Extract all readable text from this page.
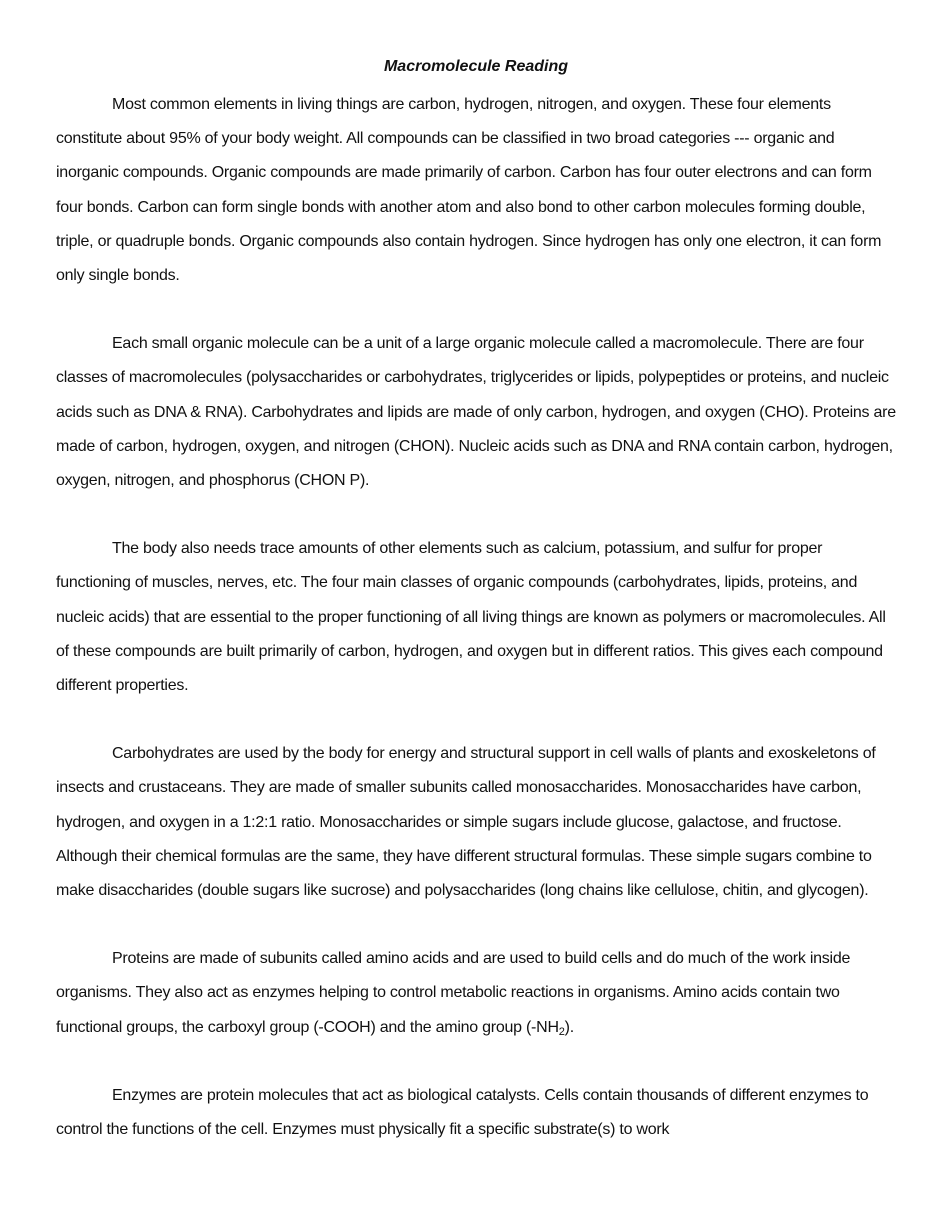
Macromolecule Reading

Most common elements in living things are carbon, hydrogen, nitrogen, and oxygen. These four elements constitute about 95% of your body weight. All compounds can be classified in two broad categories --- organic and inorganic compounds. Organic compounds are made primarily of carbon. Carbon has four outer electrons and can form four bonds. Carbon can form single bonds with another atom and also bond to other carbon molecules forming double, triple, or quadruple bonds. Organic compounds also contain hydrogen. Since hydrogen has only one electron, it can form only single bonds.

Each small organic molecule can be a unit of a large organic molecule called a macromolecule. There are four classes of macromolecules (polysaccharides or carbohydrates, triglycerides or lipids, polypeptides or proteins, and nucleic acids such as DNA & RNA). Carbohydrates and lipids are made of only carbon, hydrogen, and oxygen (CHO). Proteins are made of carbon, hydrogen, oxygen, and nitrogen (CHON). Nucleic acids such as DNA and RNA contain carbon, hydrogen, oxygen, nitrogen, and phosphorus (CHON P).

The body also needs trace amounts of other elements such as calcium, potassium, and sulfur for proper functioning of muscles, nerves, etc. The four main classes of organic compounds (carbohydrates, lipids, proteins, and nucleic acids) that are essential to the proper functioning of all living things are known as polymers or macromolecules. All of these compounds are built primarily of carbon, hydrogen, and oxygen but in different ratios. This gives each compound different properties.

Carbohydrates are used by the body for energy and structural support in cell walls of plants and exoskeletons of insects and crustaceans. They are made of smaller subunits called monosaccharides. Monosaccharides have carbon, hydrogen, and oxygen in a 1:2:1 ratio. Monosaccharides or simple sugars include glucose, galactose, and fructose. Although their chemical formulas are the same, they have different structural formulas. These simple sugars combine to make disaccharides (double sugars like sucrose) and polysaccharides (long chains like cellulose, chitin, and glycogen).

Proteins are made of subunits called amino acids and are used to build cells and do much of the work inside organisms. They also act as enzymes helping to control metabolic reactions in organisms. Amino acids contain two functional groups, the carboxyl group (-COOH) and the amino group $(-NH_2)$.

Enzymes are protein molecules that act as biological catalysts. Cells contain thousands of different enzymes to control the functions of the cell. Enzymes must physically fit a specific substrate(s) to work
